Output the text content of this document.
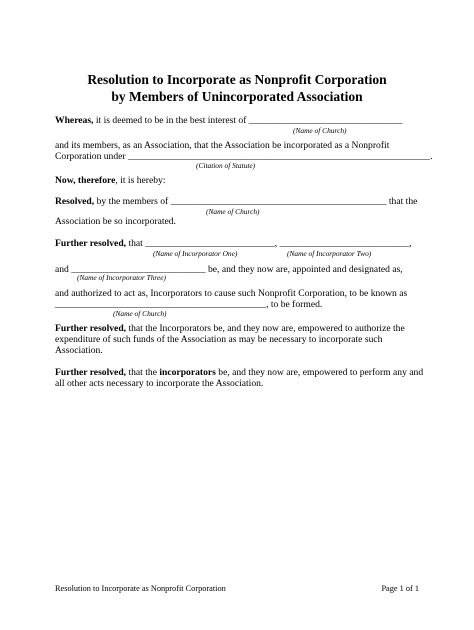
Resolution to Incorporate as Nonprofit Corporation
by Members of Unincorporated Association
Whereas, it is deemed to be in the best interest of ________________________________
(Name of Church)
and its members, as an Association, that the Association be incorporated as a Nonprofit
Corporation under _______________________________________________________________.
(Citation of Statute)
Now, therefore, it is hereby:
Resolved, by the members of _____________________________________________ that the
(Name of Church)
Association be so incorporated.
Further resolved, that ___________________________, ___________________________,
(Name of Incorporator One)	(Name of Incorporator Two)
and ____________________________ be, and they now are, appointed and designated as,
(Name of Incorporator Three)
and authorized to act as, Incorporators to cause such Nonprofit Corporation, to be known as
____________________________________________, to be formed.
(Name of Church)
Further resolved, that the Incorporators be, and they now are, empowered to authorize the
expenditure of such funds of the Association as may be necessary to incorporate such
Association.
Further resolved, that the incorporators be, and they now are, empowered to perform any and
all other acts necessary to incorporate the Association.
Resolution to Incorporate as Nonprofit Corporation	Page 1 of 1
